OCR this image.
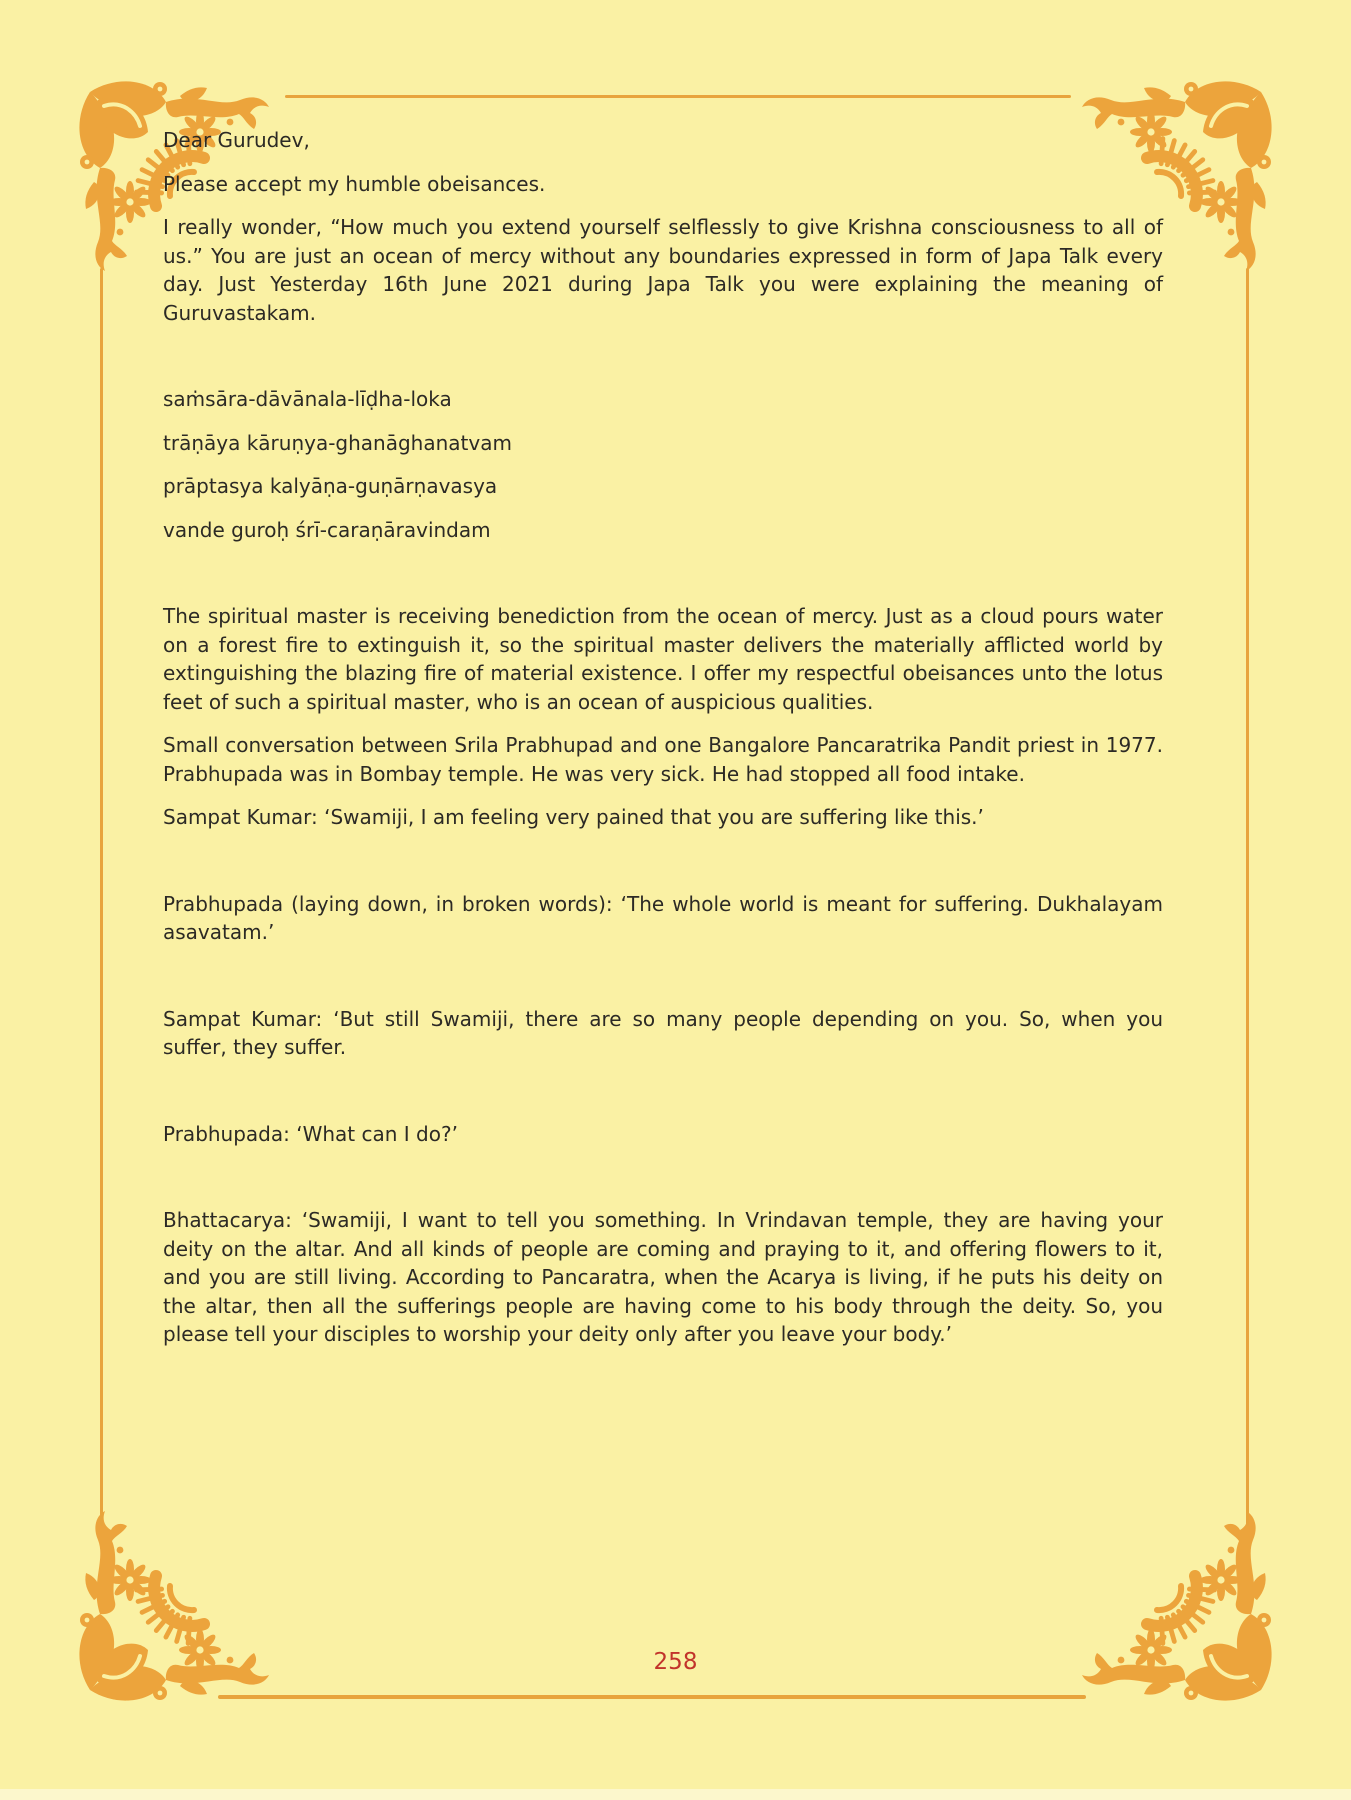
Dear Gurudev,

Please accept my humble obeisances.

I really wonder, “How much you extend yourself selflessly to give Krishna consciousness to all of us.” You are just an ocean of mercy without any boundaries expressed in form of Japa Talk every day. Just Yesterday 16th June 2021 during Japa Talk you were explaining the meaning of Guruvastakam.

saṁsāra-dāvānala-līḍha-loka

trāṇāya kāruṇya-ghanāghanatvam

prāptasya kalyāṇa-guṇārṇavasya

vande guroḥ śrī-caraṇāravindam

The spiritual master is receiving benediction from the ocean of mercy. Just as a cloud pours water on a forest fire to extinguish it, so the spiritual master delivers the materially afflicted world by extinguishing the blazing fire of material existence. I offer my respectful obeisances unto the lotus feet of such a spiritual master, who is an ocean of auspicious qualities.

Small conversation between Srila Prabhupad and one Bangalore Pancaratrika Pandit priest in 1977. Prabhupada was in Bombay temple. He was very sick. He had stopped all food intake.

Sampat Kumar: ‘Swamiji, I am feeling very pained that you are suffering like this.’

Prabhupada (laying down, in broken words): ‘The whole world is meant for suffering. Dukhalayam asavatam.’

Sampat Kumar: ‘But still Swamiji, there are so many people depending on you. So, when you suffer, they suffer.

Prabhupada: ‘What can I do?’

Bhattacarya: ‘Swamiji, I want to tell you something. In Vrindavan temple, they are having your deity on the altar. And all kinds of people are coming and praying to it, and offering flowers to it, and you are still living. According to Pancaratra, when the Acarya is living, if he puts his deity on the altar, then all the sufferings people are having come to his body through the deity. So, you please tell your disciples to worship your deity only after you leave your body.’

258
